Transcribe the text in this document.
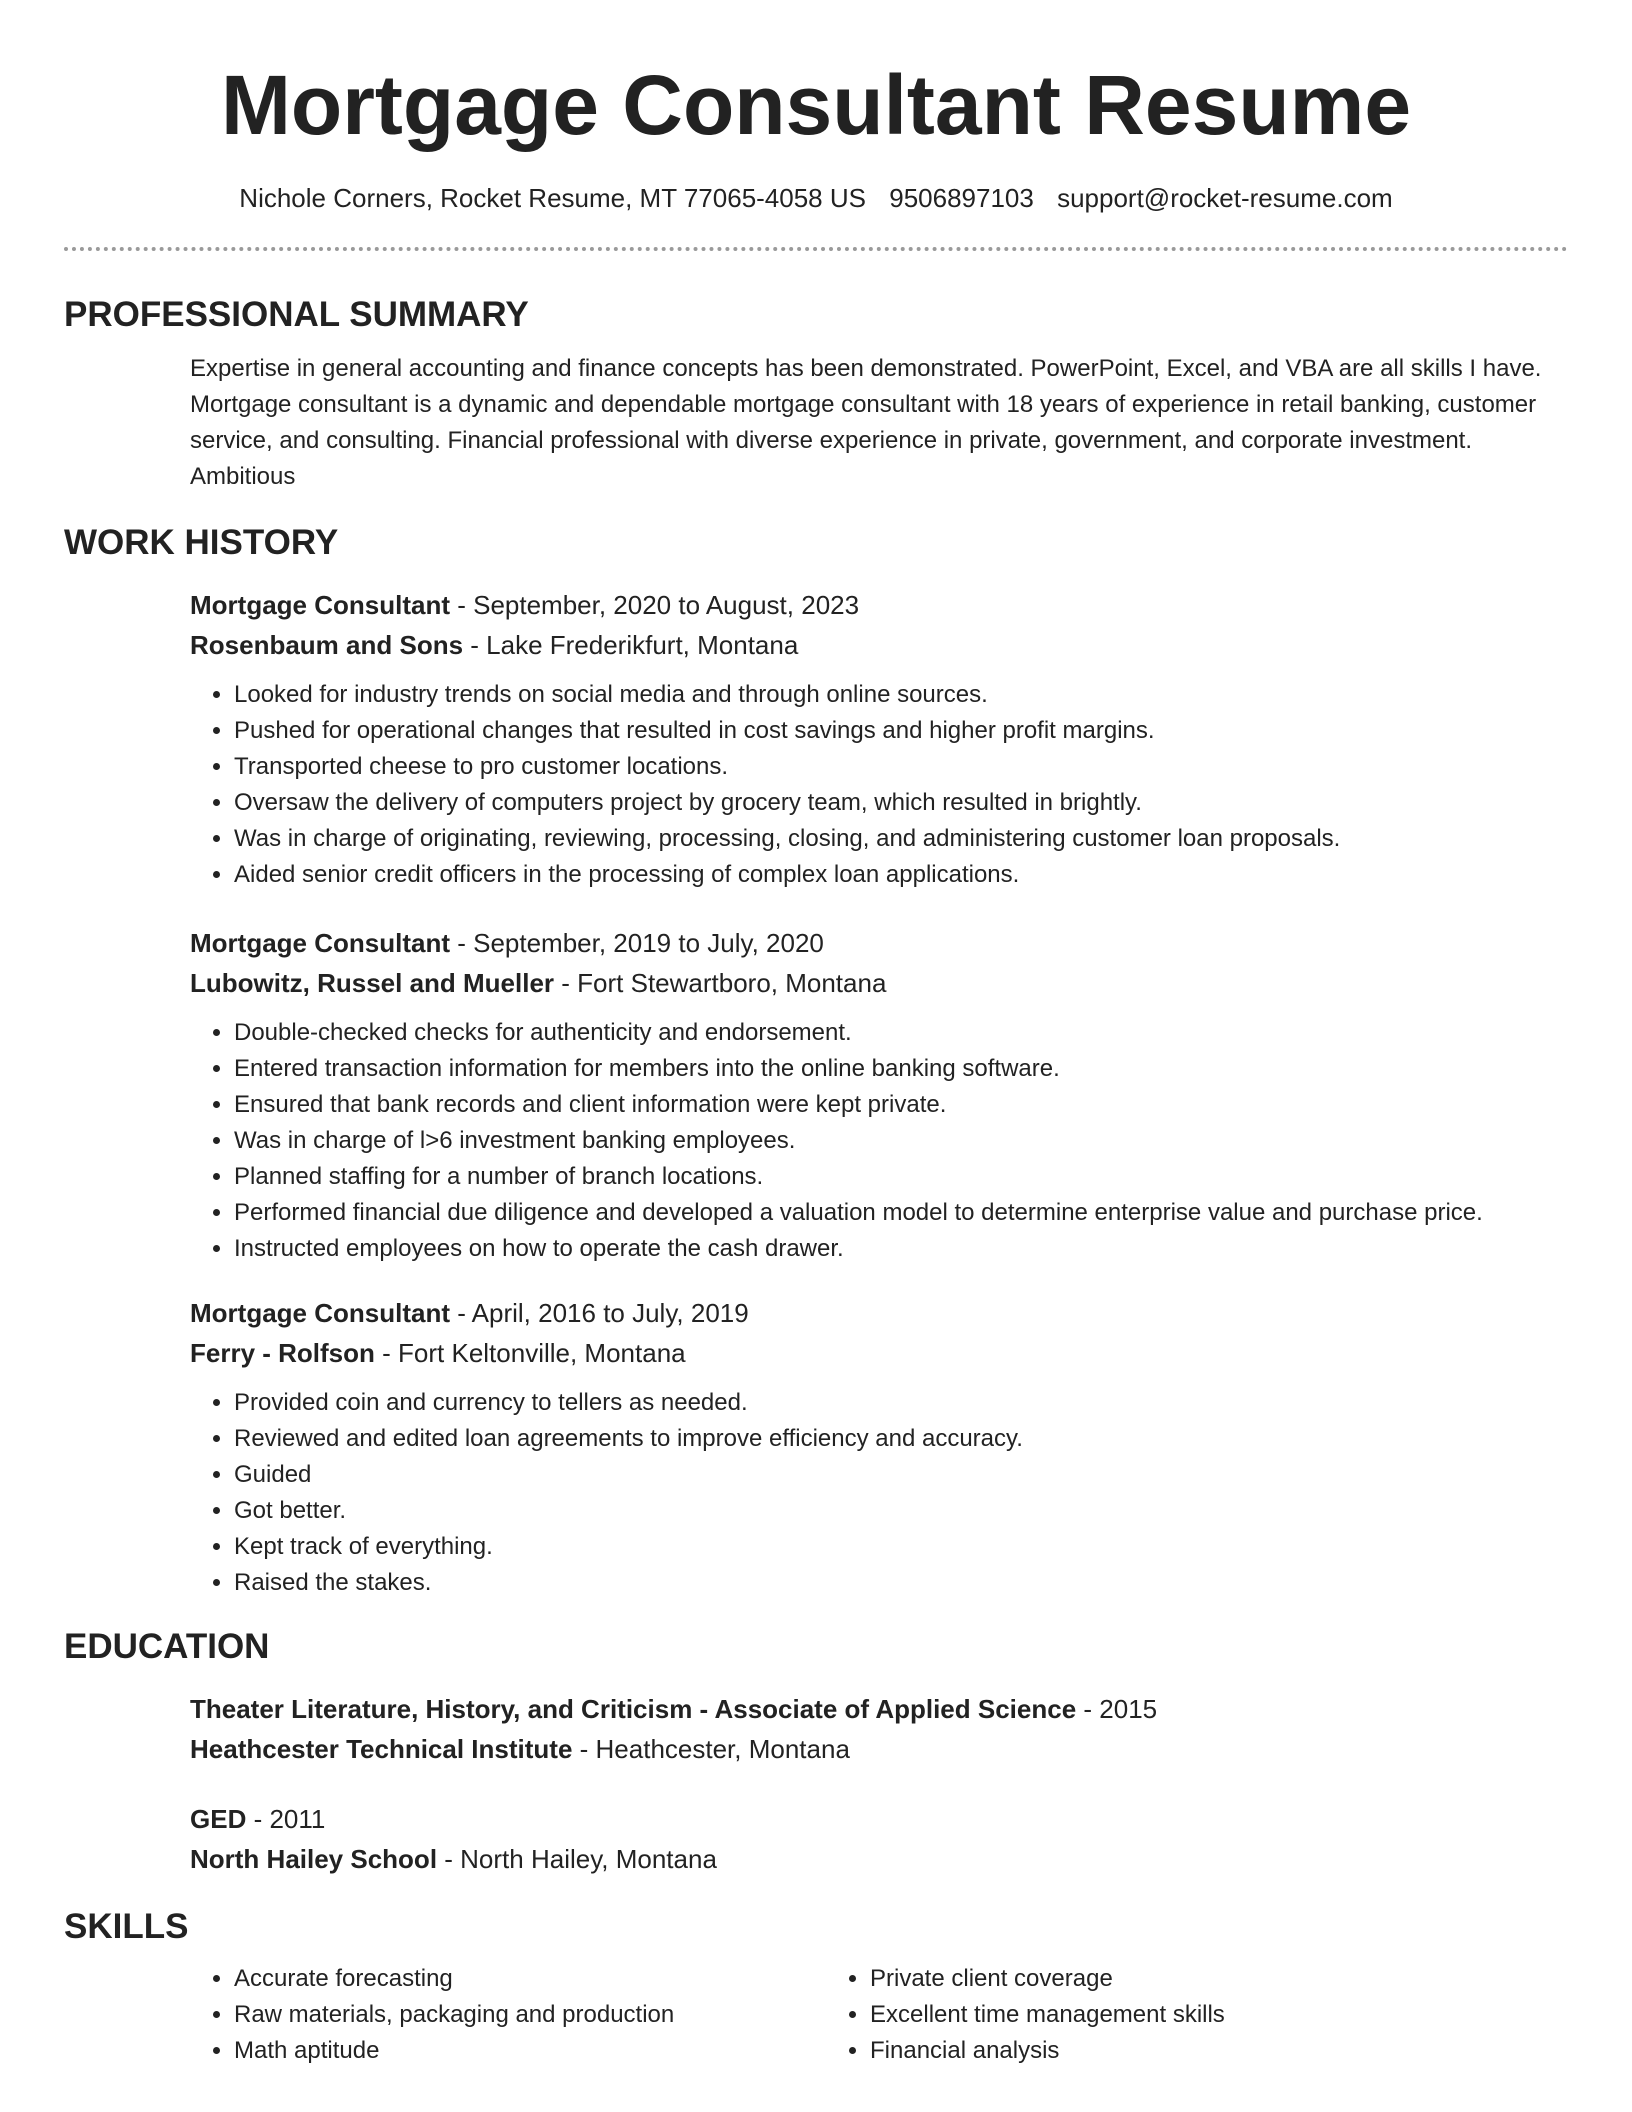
Mortgage Consultant Resume
Nichole Corners, Rocket Resume, MT 77065-4058 US 9506897103 support@rocket-resume.com
PROFESSIONAL SUMMARY

Expertise in general accounting and finance concepts has been demonstrated. PowerPoint, Excel, and VBA are all skills I have. Mortgage consultant is a dynamic and dependable mortgage consultant with 18 years of experience in retail banking, customer service, and consulting. Financial professional with diverse experience in private, government, and corporate investment. Ambitious

WORK HISTORY
Mortgage Consultant - September, 2020 to August, 2023
Rosenbaum and Sons - Lake Frederikfurt, Montana
• Looked for industry trends on social media and through online sources.
• Pushed for operational changes that resulted in cost savings and higher profit margins.
• Transported cheese to pro customer locations.
• Oversaw the delivery of computers project by grocery team, which resulted in brightly.
• Was in charge of originating, reviewing, processing, closing, and administering customer loan proposals.
• Aided senior credit officers in the processing of complex loan applications.
Mortgage Consultant - September, 2019 to July, 2020
Lubowitz, Russel and Mueller - Fort Stewartboro, Montana
• Double-checked checks for authenticity and endorsement.
• Entered transaction information for members into the online banking software.
• Ensured that bank records and client information were kept private.
• Was in charge of l>6 investment banking employees.
• Planned staffing for a number of branch locations.
• Performed financial due diligence and developed a valuation model to determine enterprise value and purchase price.
• Instructed employees on how to operate the cash drawer.
Mortgage Consultant - April, 2016 to July, 2019
Ferry - Rolfson - Fort Keltonville, Montana
• Provided coin and currency to tellers as needed.
• Reviewed and edited loan agreements to improve efficiency and accuracy.
• Guided
• Got better.
• Kept track of everything.
• Raised the stakes.
EDUCATION
Theater Literature, History, and Criticism - Associate of Applied Science - 2015
Heathcester Technical Institute - Heathcester, Montana
GED - 2011
North Hailey School - North Hailey, Montana
SKILLS
• Accurate forecasting
• Raw materials, packaging and production
• Math aptitude
• Private client coverage
• Excellent time management skills
• Financial analysis
